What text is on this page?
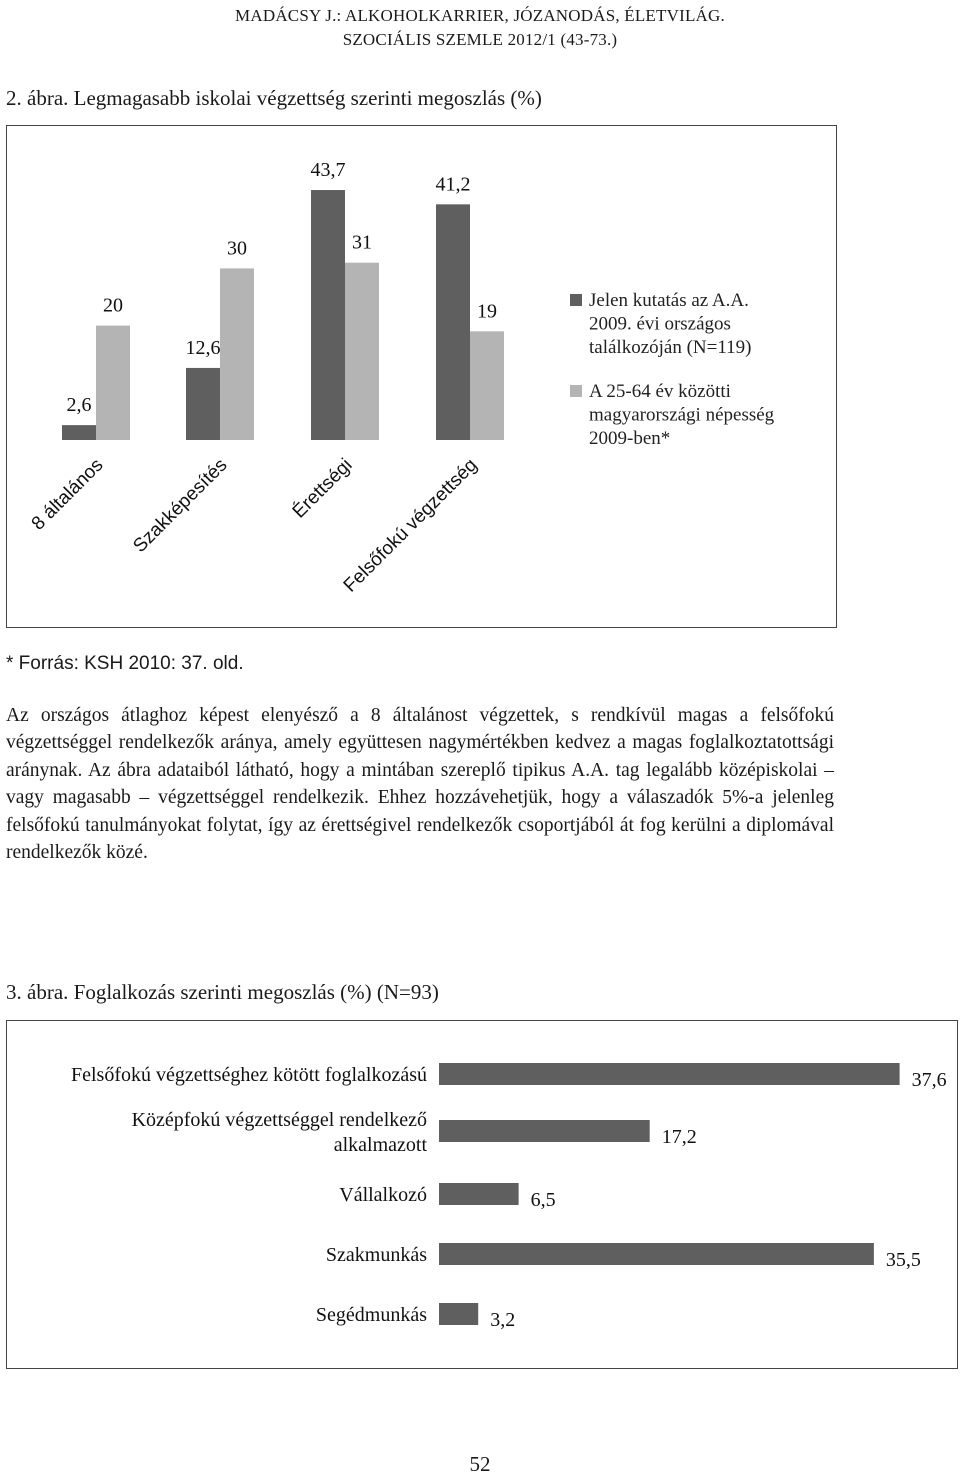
MADÁCSY J.: ALKOHOLKARRIER, JÓZANODÁS, ÉLETVILÁG.
SZOCIÁLIS SZEMLE 2012/1 (43-73.)
2. ábra. Legmagasabb iskolai végzettség szerinti megoszlás (%)
2,6
12,6
43,7
41,2
20
30	31
19
8 általános Szakképesítés	Érettségi
Felsőfokú végzettség
Jelen kutatás az A.A.
2009. évi országos
találkozóján (N=119)
A 25-64 év közötti
magyarországi népesség
2009-ben*
* Forrás: KSH 2010: 37. old.

Az országos átlaghoz képest elenyésző a 8 általánost végzettek, s rendkívül magas a felsőfokú végzettséggel rendelkezők aránya, amely együttesen nagymértékben kedvez a magas foglalkoztatottsági aránynak. Az ábra adataiból látható, hogy a mintában szereplő tipikus A.A. tag legalább középiskolai – vagy magasabb – végzettséggel rendelkezik. Ehhez hozzávehetjük, hogy a válaszadók 5%-a jelenleg felsőfokú tanulmányokat folytat, így az érettségivel rendelkezők csoportjából át fog kerülni a diplomával rendelkezők közé.

3. ábra. Foglalkozás szerinti megoszlás (%) (N=93)
37,6
Felsőfokú végzettséghez kötött foglalkozású
17,2
Középfokú végzettséggel rendelkező
alkalmazott
6,5
Vállalkozó
35,5
Szakmunkás
3,2
Segédmunkás
52
